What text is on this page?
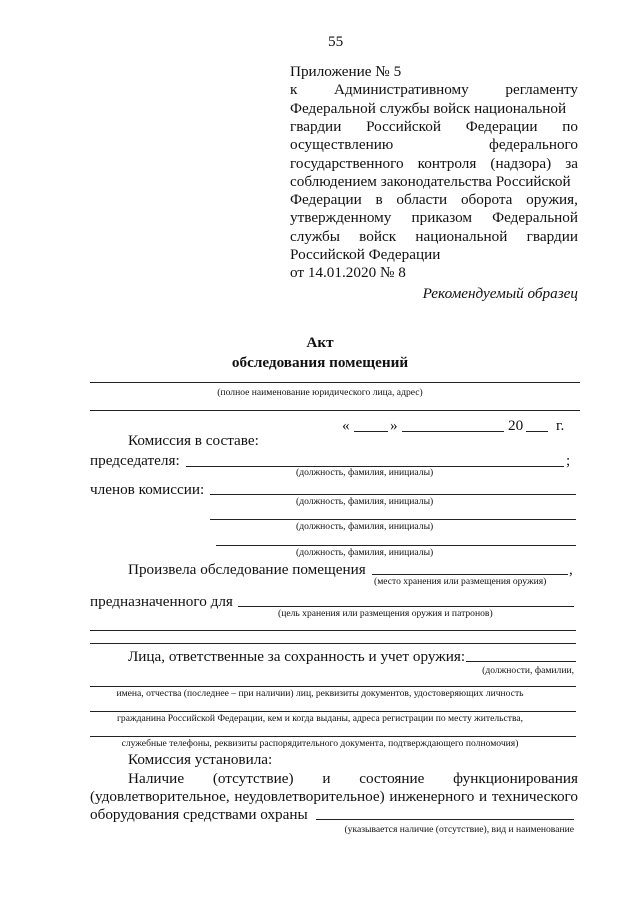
55
Приложение № 5
к Административному регламенту
Федеральной службы войск национальной
гвардии Российской Федерации по
осуществлению	федерального
государственного контроля (надзора) за
соблюдением законодательства Российской
Федерации в области оборота оружия,
утвержденному приказом Федеральной
службы войск национальной гвардии
Российской Федерации
от 14.01.2020 № 8
Рекомендуемый образец
Акт
обследования помещений
(полное наименование юридического лица, адрес)
«	»	20 г.
Комиссия в составе:
председателя:	;
(должность, фамилия, инициалы)
членов комиссии:
(должность, фамилия, инициалы)
(должность, фамилия, инициалы)
(должность, фамилия, инициалы)
Произвела обследование помещения	,
(место хранения или размещения оружия)
предназначенного для
(цель хранения или размещения оружия и патронов)
Лица, ответственные за сохранность и учет оружия:
(должности, фамилии,
имена, отчества (последнее – при наличии) лиц, реквизиты документов, удостоверяющих личность
гражданина Российской Федерации, кем и когда выданы, адреса регистрации по месту жительства,
служебные телефоны, реквизиты распорядительного документа, подтверждающего полномочия)
Комиссия установила:
Наличие (отсутствие) и состояние функционирования
(удовлетворительное, неудовлетворительное) инженерного и технического
оборудования средствами охраны
(указывается наличие (отсутствие), вид и наименование
